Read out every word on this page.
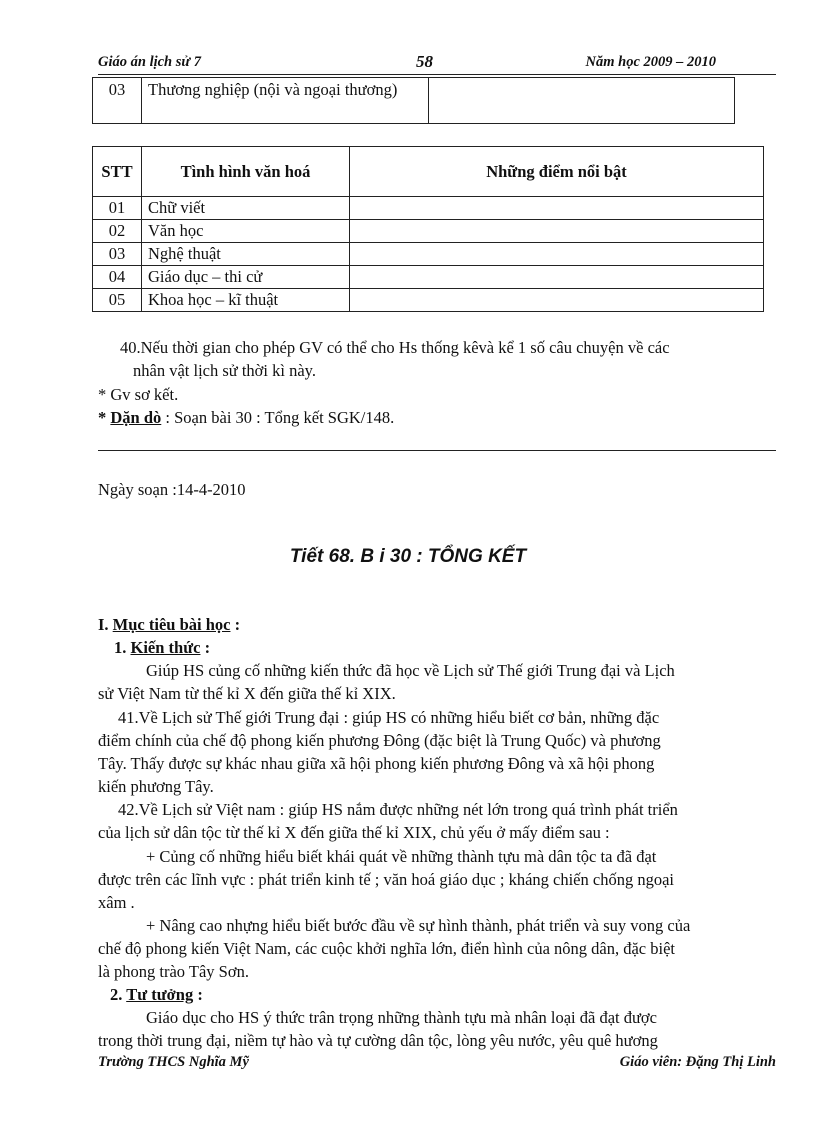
Giáo án lịch sử 7	58	Năm học 2009 – 2010
03	Thương nghiệp (nội và ngoại thương)	
STT	Tình hình văn hoá	Những điểm nổi bật
01	Chữ viết	
02	Văn học	
03	Nghệ thuật	
04	Giáo dục – thi cử	
05	Khoa học – kĩ thuật	

40.Nếu thời gian cho phép GV có thể cho Hs thống kêvà kể 1 số câu chuyện về các

nhân vật lịch sử thời kì này.

* Gv sơ kết.

* Dặn dò : Soạn bài 30 : Tổng kết SGK/148.

Ngày soạn :14-4-2010

Tiết 68. B i 30 : TỔNG KẾT

I. Mục tiêu bài học :

1. Kiến thức :

Giúp HS củng cố những kiến thức đã học về Lịch sử Thế giới Trung đại và Lịch

sử Việt Nam từ thế kỉ X đến giữa thế kỉ XIX.

41.Về Lịch sử Thế giới Trung đại : giúp HS có những hiểu biết cơ bản, những đặc

điểm chính của chế độ phong kiến phương Đông (đặc biệt là Trung Quốc) và phương

Tây. Thấy được sự khác nhau giữa xã hội phong kiến phương Đông và xã hội phong

kiến phương Tây.

42.Về Lịch sử Việt nam : giúp HS nắm được những nét lớn trong quá trình phát triển

của lịch sử dân tộc từ thế kỉ X đến giữa thế kỉ XIX, chủ yếu ở mấy điểm sau :

+ Củng cố những hiểu biết khái quát về những thành tựu mà dân tộc ta đã đạt

được trên các lĩnh vực : phát triển kinh tế ; văn hoá giáo dục ; kháng chiến chống ngoại

xâm .

+ Nâng cao nhựng hiểu biết bước đầu về sự hình thành, phát triển và suy vong của

chế độ phong kiến Việt Nam, các cuộc khởi nghĩa lớn, điển hình của nông dân, đặc biệt

là phong trào Tây Sơn.

2. Tư tưởng :

Giáo dục cho HS ý thức trân trọng những thành tựu mà nhân loại đã đạt được

trong thời trung đại, niềm tự hào và tự cường dân tộc, lòng yêu nước, yêu quê hương

Trường THCS Nghĩa Mỹ	Giáo viên: Đặng Thị Linh
